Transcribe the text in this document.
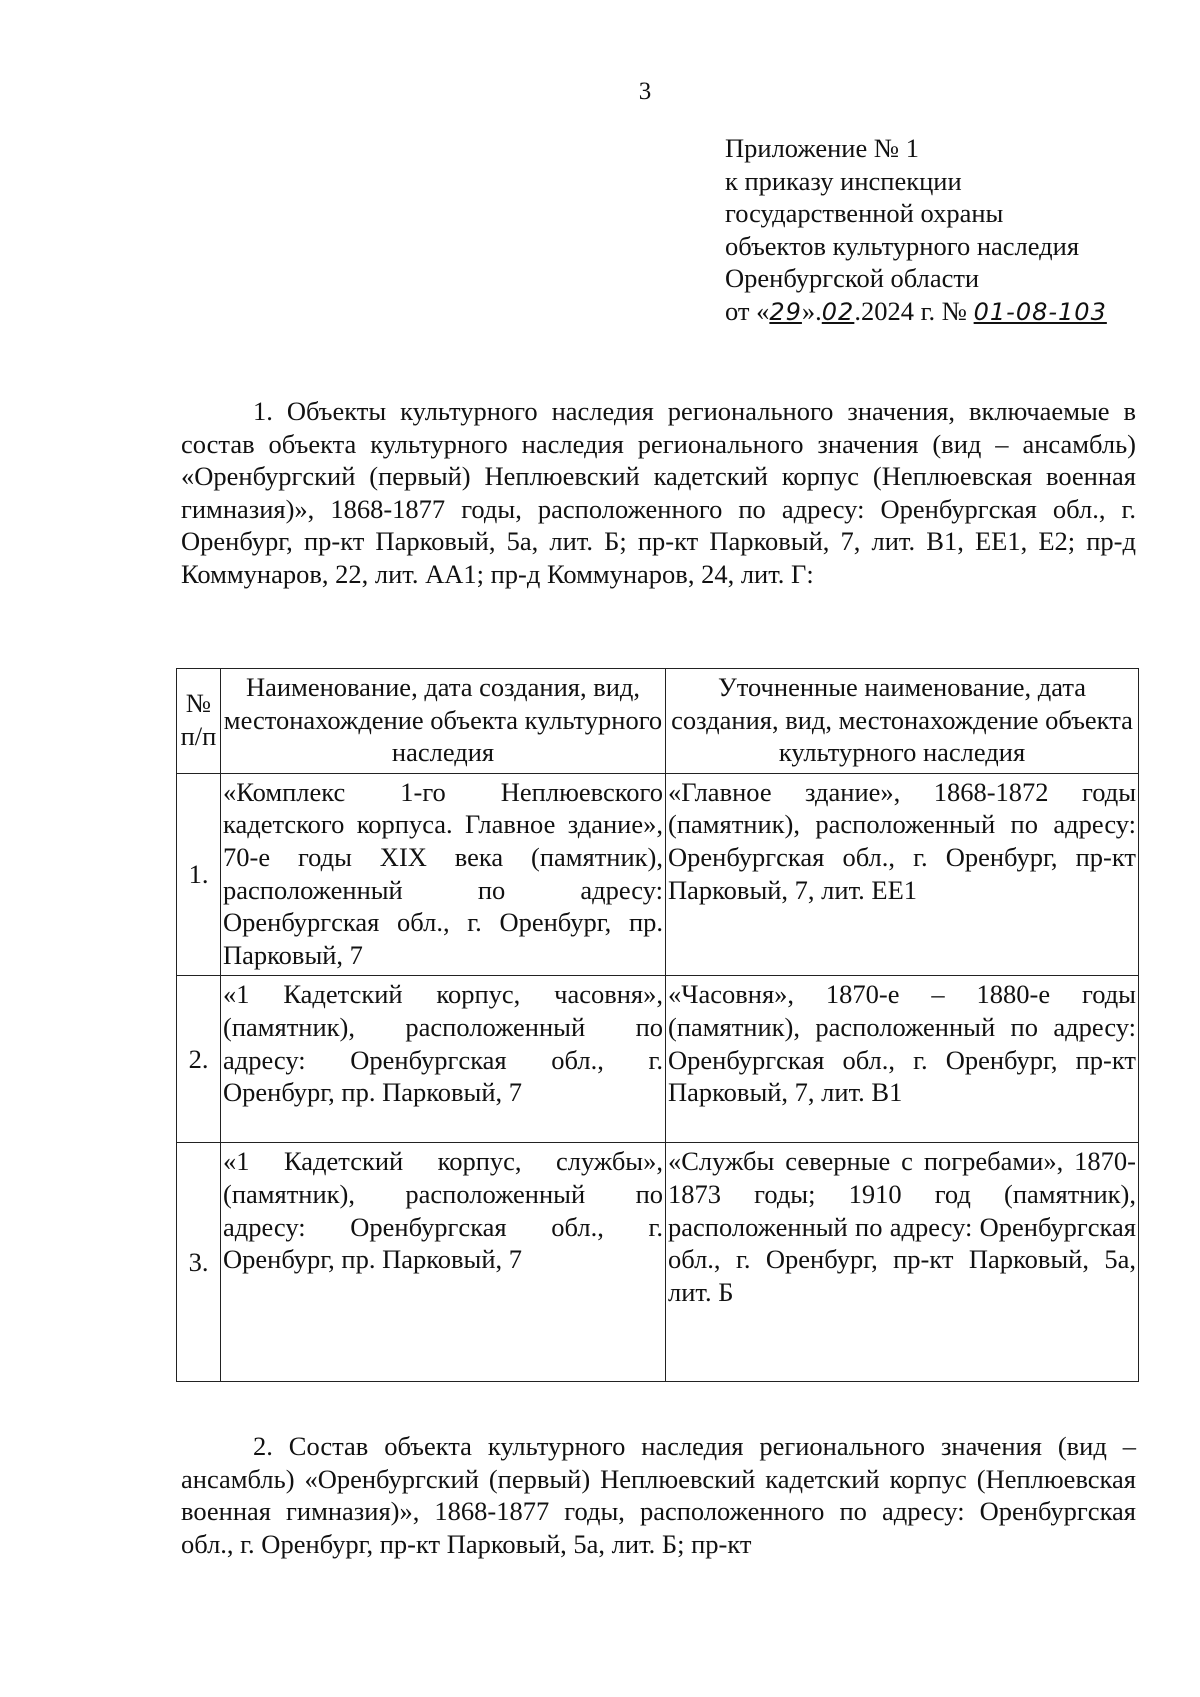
3
Приложение № 1
к приказу инспекции
государственной охраны
объектов культурного наследия
Оренбургской области
от «29».02.2024 г. № 01-08-103

1. Объекты культурного наследия регионального значения, включаемые в состав объекта культурного наследия регионального значения (вид – ансамбль) «Оренбургский (первый) Неплюевский кадетский корпус (Неплюевская военная гимназия)», 1868-1877 годы, расположенного по адресу: Оренбургская обл., г. Оренбург, пр-кт Парковый, 5а, лит. Б; пр-кт Парковый, 7, лит. В1, ЕЕ1, Е2; пр-д Коммунаров, 22, лит. АА1; пр-д Коммунаров, 24, лит. Г:

№ п/п	Наименование, дата создания, вид, местонахождение объекта культурного наследия	Уточненные наименование, дата создания, вид, местонахождение объекта культурного наследия
1.	«Комплекс 1-го Неплюевского кадетского корпуса. Главное здание», 70-е годы XIX века (памятник), расположенный по адресу: Оренбургская обл., г. Оренбург, пр. Парковый, 7	«Главное здание», 1868-1872 годы (памятник), расположенный по адресу: Оренбургская обл., г. Оренбург, пр-кт Парковый, 7, лит. ЕЕ1
2.	«1 Кадетский корпус, часовня», (памятник), расположенный по адресу: Оренбургская обл., г. Оренбург, пр. Парковый, 7	«Часовня», 1870-е – 1880-е годы (памятник), расположенный по адресу: Оренбургская обл., г. Оренбург, пр-кт Парковый, 7, лит. В1
3.	«1 Кадетский корпус, службы», (памятник), расположенный по адресу: Оренбургская обл., г. Оренбург, пр. Парковый, 7	«Службы северные с погребами», 1870-1873 годы; 1910 год (памятник), расположенный по адресу: Оренбургская обл., г. Оренбург, пр-кт Парковый, 5а, лит. Б

2. Состав объекта культурного наследия регионального значения (вид – ансамбль) «Оренбургский (первый) Неплюевский кадетский корпус (Неплюевская военная гимназия)», 1868-1877 годы, расположенного по адресу: Оренбургская обл., г. Оренбург, пр-кт Парковый, 5а, лит. Б; пр-кт
